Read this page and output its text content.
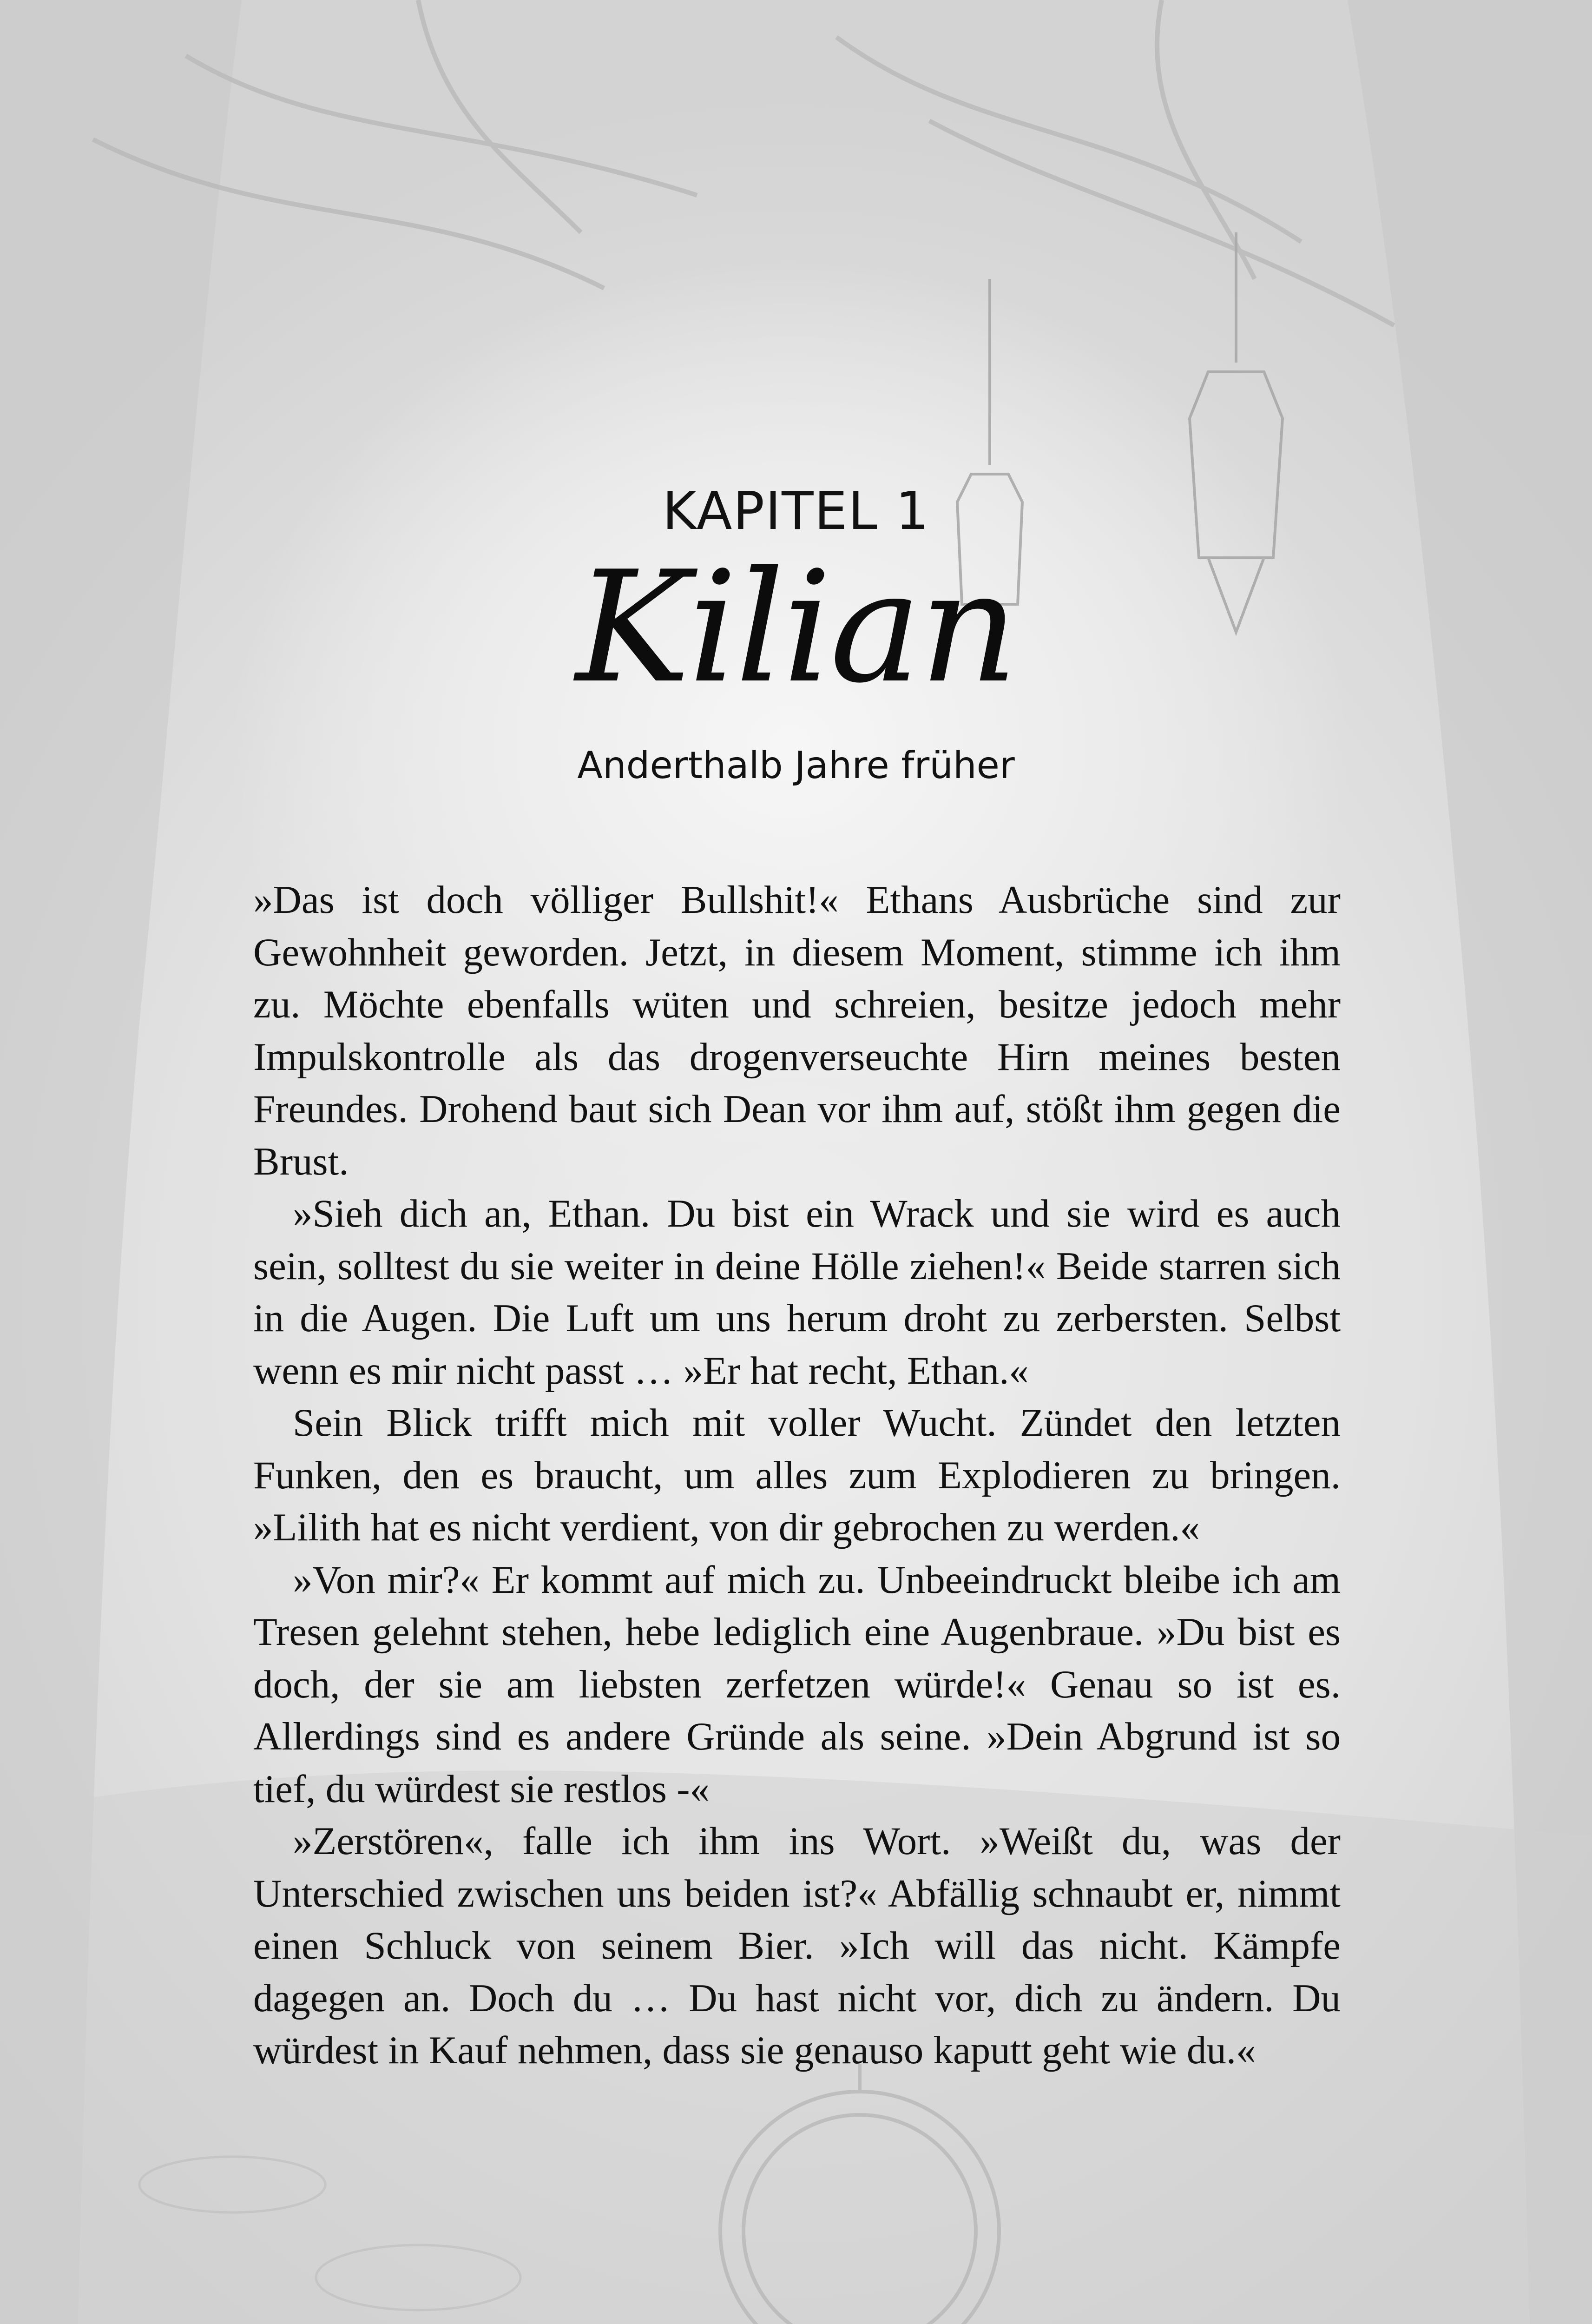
KAPITEL 1
Kilian
Anderthalb Jahre früher

»Das ist doch völliger Bullshit!« Ethans Ausbrüche sind zur Gewohnheit geworden. Jetzt, in diesem Moment, stimme ich ihm zu. Möchte ebenfalls wüten und schreien, besitze jedoch mehr Impulskontrolle als das drogenverseuchte Hirn meines besten Freundes. Drohend baut sich Dean vor ihm auf, stößt ihm gegen die Brust.

»Sieh dich an, Ethan. Du bist ein Wrack und sie wird es auch sein, solltest du sie weiter in deine Hölle ziehen!« Beide starren sich in die Augen. Die Luft um uns herum droht zu zerbersten. Selbst wenn es mir nicht passt … »Er hat recht, Ethan.«

Sein Blick trifft mich mit voller Wucht. Zündet den letzten Funken, den es braucht, um alles zum Explodieren zu bringen. »Lilith hat es nicht verdient, von dir gebrochen zu werden.«

»Von mir?« Er kommt auf mich zu. Unbeeindruckt bleibe ich am Tresen gelehnt stehen, hebe lediglich eine Augenbraue. »Du bist es doch, der sie am liebsten zerfetzen würde!« Genau so ist es. Allerdings sind es andere Gründe als seine. »Dein Abgrund ist so tief, du würdest sie restlos -«

»Zerstören«, falle ich ihm ins Wort. »Weißt du, was der Unterschied zwischen uns beiden ist?« Abfällig schnaubt er, nimmt einen Schluck von seinem Bier. »Ich will das nicht. Kämpfe dagegen an. Doch du … Du hast nicht vor, dich zu ändern. Du würdest in Kauf nehmen, dass sie genauso kaputt geht wie du.«
